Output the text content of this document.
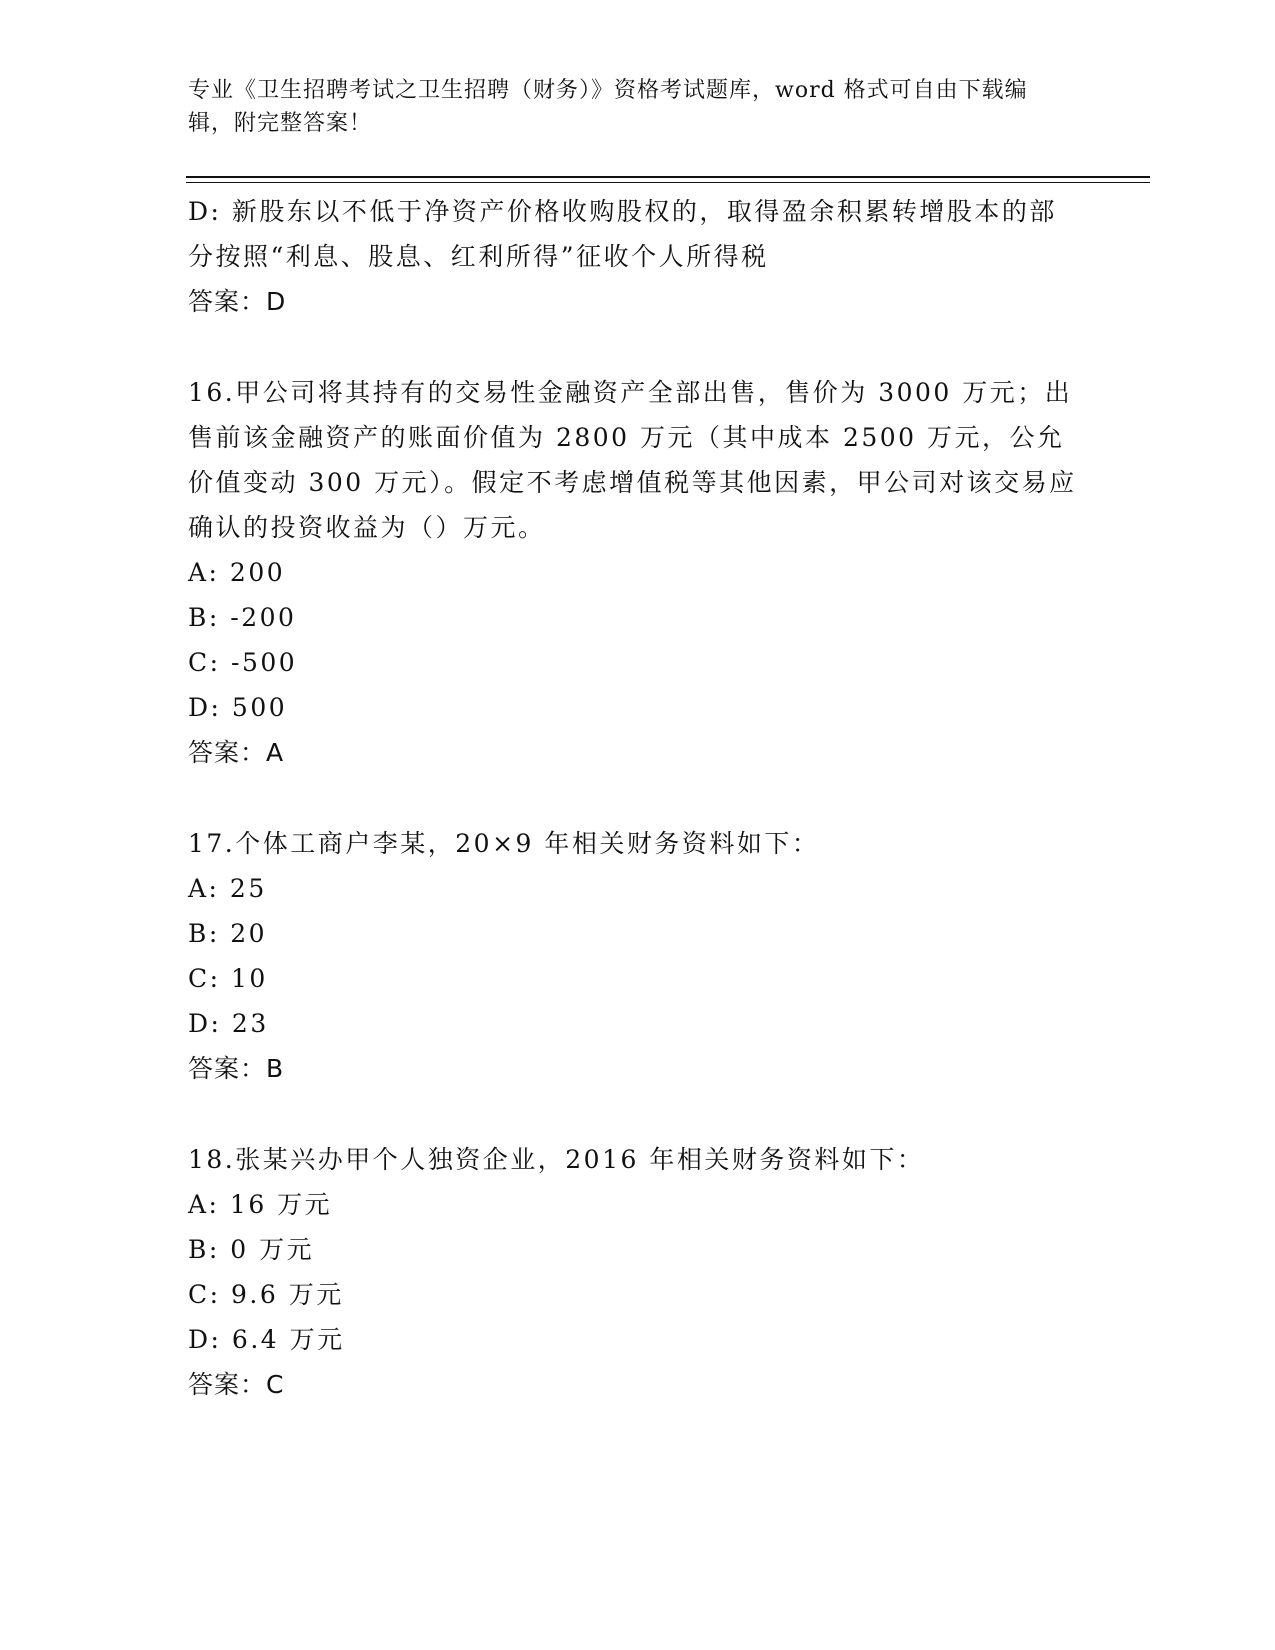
专业《卫生招聘考试之卫生招聘（财务）》资格考试题库，word 格式可自由下载编辑，附完整答案！

D: 新股东以不低于净资产价格收购股权的，取得盈余积累转增股本的部分按照“利息、股息、红利所得”征收个人所得税

答案：D

16.甲公司将其持有的交易性金融资产全部出售，售价为 3000 万元；出售前该金融资产的账面价值为 2800 万元（其中成本 2500 万元，公允价值变动 300 万元）。假定不考虑增值税等其他因素，甲公司对该交易应确认的投资收益为（）万元。

A: 200

B: -200

C: -500

D: 500

答案：A

17.个体工商户李某，20×9 年相关财务资料如下：

A: 25

B: 20

C: 10

D: 23

答案：B

18.张某兴办甲个人独资企业，2016 年相关财务资料如下：

A: 16 万元

B: 0 万元

C: 9.6 万元

D: 6.4 万元

答案：C
